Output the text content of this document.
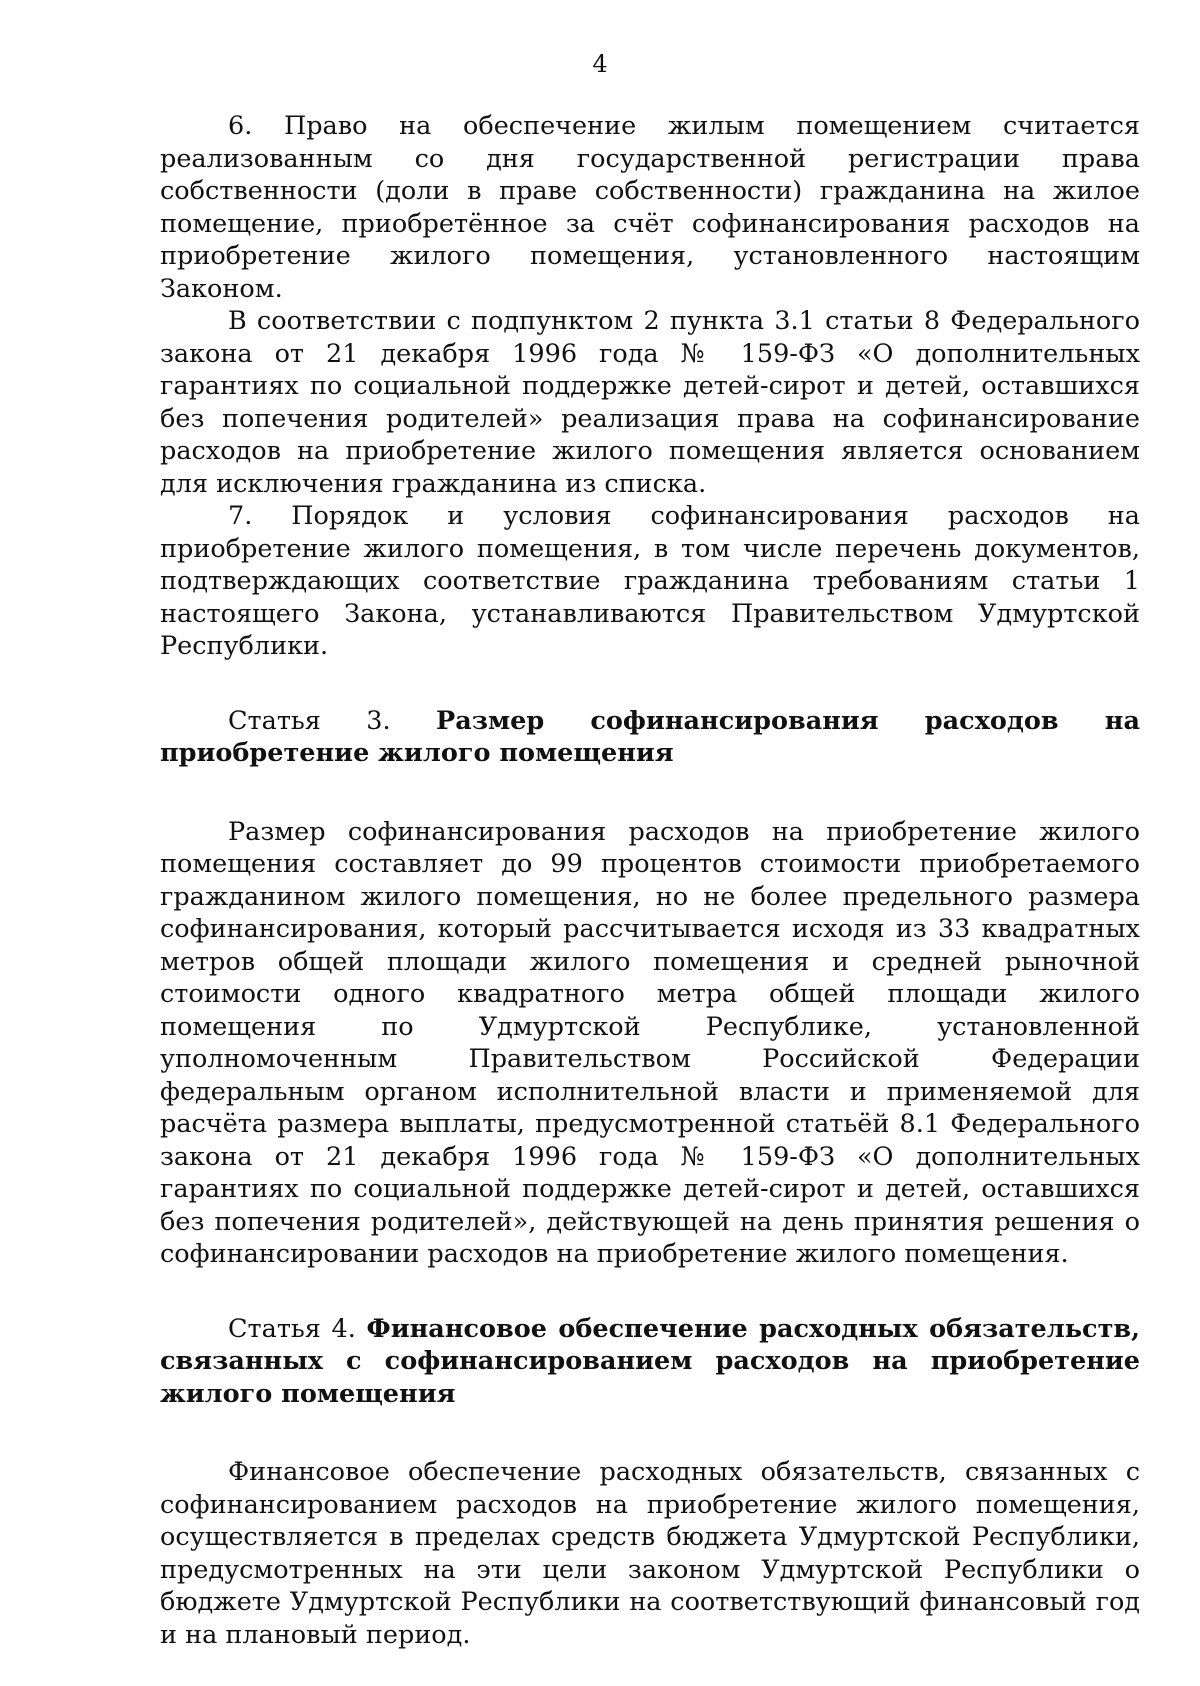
4

6. Право на обеспечение жилым помещением считается реализованным со дня государственной регистрации права собственности (доли в праве собственности) гражданина на жилое помещение, приобретённое за счёт софинансирования расходов на приобретение жилого помещения, установленного настоящим Законом.

В соответствии с подпунктом 2 пункта 3.1 статьи 8 Федерального закона от 21 декабря 1996 года № 159-ФЗ «О дополнительных гарантиях по социальной поддержке детей-сирот и детей, оставшихся без попечения родителей» реализация права на софинансирование расходов на приобретение жилого помещения является основанием для исключения гражданина из списка.

7. Порядок и условия софинансирования расходов на приобретение жилого помещения, в том числе перечень документов, подтверждающих соответствие гражданина требованиям статьи 1 настоящего Закона, устанавливаются Правительством Удмуртской Республики.

Статья 3. Размер софинансирования расходов на приобретение жилого помещения

Размер софинансирования расходов на приобретение жилого помещения составляет до 99 процентов стоимости приобретаемого гражданином жилого помещения, но не более предельного размера софинансирования, который рассчитывается исходя из 33 квадратных метров общей площади жилого помещения и средней рыночной стоимости одного квадратного метра общей площади жилого помещения по Удмуртской Республике, установленной уполномоченным Правительством Российской Федерации федеральным органом исполнительной власти и применяемой для расчёта размера выплаты, предусмотренной статьёй 8.1 Федерального закона от 21 декабря 1996 года № 159-ФЗ «О дополнительных гарантиях по социальной поддержке детей-сирот и детей, оставшихся без попечения родителей», действующей на день принятия решения о софинансировании расходов на приобретение жилого помещения.

Статья 4. Финансовое обеспечение расходных обязательств, связанных с софинансированием расходов на приобретение жилого помещения

Финансовое обеспечение расходных обязательств, связанных с софинансированием расходов на приобретение жилого помещения, осуществляется в пределах средств бюджета Удмуртской Республики, предусмотренных на эти цели законом Удмуртской Республики о бюджете Удмуртской Республики на соответствующий финансовый год и на плановый период.
